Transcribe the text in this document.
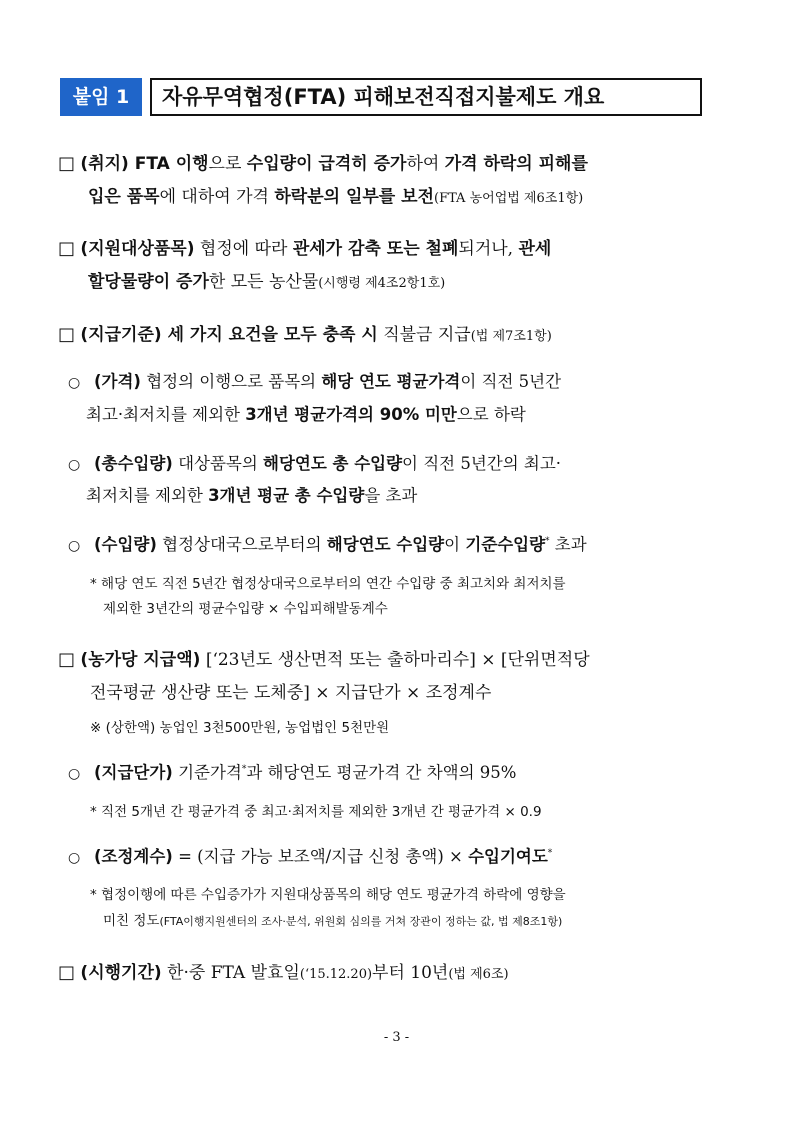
붙임 1	자유무역협정(FTA) 피해보전직접지불제도 개요
□ (취지) FTA 이행으로 수입량이 급격히 증가하여 가격 하락의 피해를
입은 품목에 대하여 가격 하락분의 일부를 보전(FTA 농어업법 제6조1항)
□ (지원대상품목) 협정에 따라 관세가 감축 또는 철폐되거나, 관세
할당물량이 증가한 모든 농산물(시행령 제4조2항1호)
□ (지급기준) 세 가지 요건을 모두 충족 시 직불금 지급(법 제7조1항)
○ (가격) 협정의 이행으로 품목의 해당 연도 평균가격이 직전 5년간
최고·최저치를 제외한 3개년 평균가격의 90% 미만으로 하락
○ (총수입량) 대상품목의 해당연도 총 수입량이 직전 5년간의 최고·
최저치를 제외한 3개년 평균 총 수입량을 초과
○ (수입량) 협정상대국으로부터의 해당연도 수입량이 기준수입량* 초과
* 해당 연도 직전 5년간 협정상대국으로부터의 연간 수입량 중 최고치와 최저치를
제외한 3년간의 평균수입량 × 수입피해발동계수
□ (농가당 지급액) [‘23년도 생산면적 또는 출하마리수] × [단위면적당
전국평균 생산량 또는 도체중] × 지급단가 × 조정계수
※ (상한액) 농업인 3천500만원, 농업법인 5천만원
○ (지급단가) 기준가격*과 해당연도 평균가격 간 차액의 95%
* 직전 5개년 간 평균가격 중 최고·최저치를 제외한 3개년 간 평균가격 × 0.9
○ (조정계수) = (지급 가능 보조액/지급 신청 총액) × 수입기여도*
* 협정이행에 따른 수입증가가 지원대상품목의 해당 연도 평균가격 하락에 영향을
미친 정도(FTA이행지원센터의 조사·분석, 위원회 심의를 거쳐 장관이 정하는 값, 법 제8조1항)
□ (시행기간) 한·중 FTA 발효일(‘15.12.20)부터 10년(법 제6조)
- 3 -
